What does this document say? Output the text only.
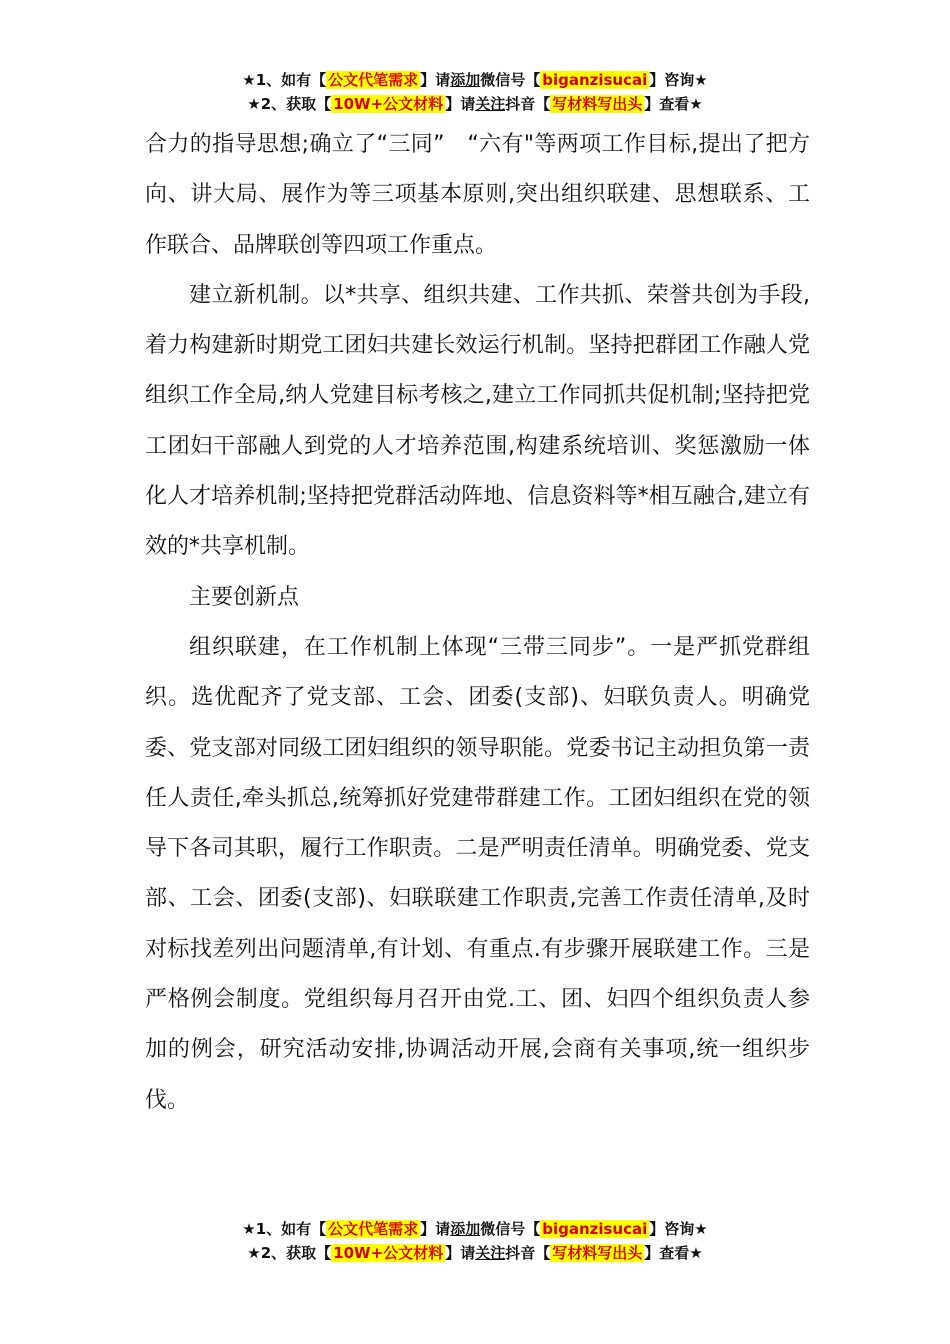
★1、如有【 公文代笔需求 】请添加微信号【 biganzisucai 】咨询★
★2、获取【 10W+公文材料 】请关注抖音【 写材料写出头 】查看★

合力的指导思想;确立了“三同”　“六有"等两项工作目标,提出了把方向、讲大局、展作为等三项基本原则,突出组织联建、思想联系、工作联合、品牌联创等四项工作重点。

建立新机制。以*共享、组织共建、工作共抓、荣誉共创为手段,着力构建新时期党工团妇共建长效运行机制。坚持把群团工作融人党组织工作全局,纳人党建目标考核之,建立工作同抓共促机制;坚持把党工团妇干部融人到党的人才培养范围,构建系统培训、奖惩激励一体化人才培养机制;坚持把党群活动阵地、信息资料等*相互融合,建立有效的*共享机制。

主要创新点

组织联建，在工作机制上体现“三带三同步”。一是严抓党群组织。选优配齐了党支部、工会、团委(支部)、妇联负责人。明确党委、党支部对同级工团妇组织的领导职能。党委书记主动担负第一责任人责任,牵头抓总,统筹抓好党建带群建工作。工团妇组织在党的领导下各司其职，履行工作职责。二是严明责任清单。明确党委、党支部、工会、团委(支部)、妇联联建工作职责,完善工作责任清单,及时对标找差列出问题清单,有计划、有重点.有步骤开展联建工作。三是严格例会制度。党组织每月召开由党.工、团、妇四个组织负责人参加的例会，研究活动安排,协调活动开展,会商有关事项,统一组织步伐。

★1、如有【 公文代笔需求 】请添加微信号【 biganzisucai 】咨询★
★2、获取【 10W+公文材料 】请关注抖音【 写材料写出头 】查看★
